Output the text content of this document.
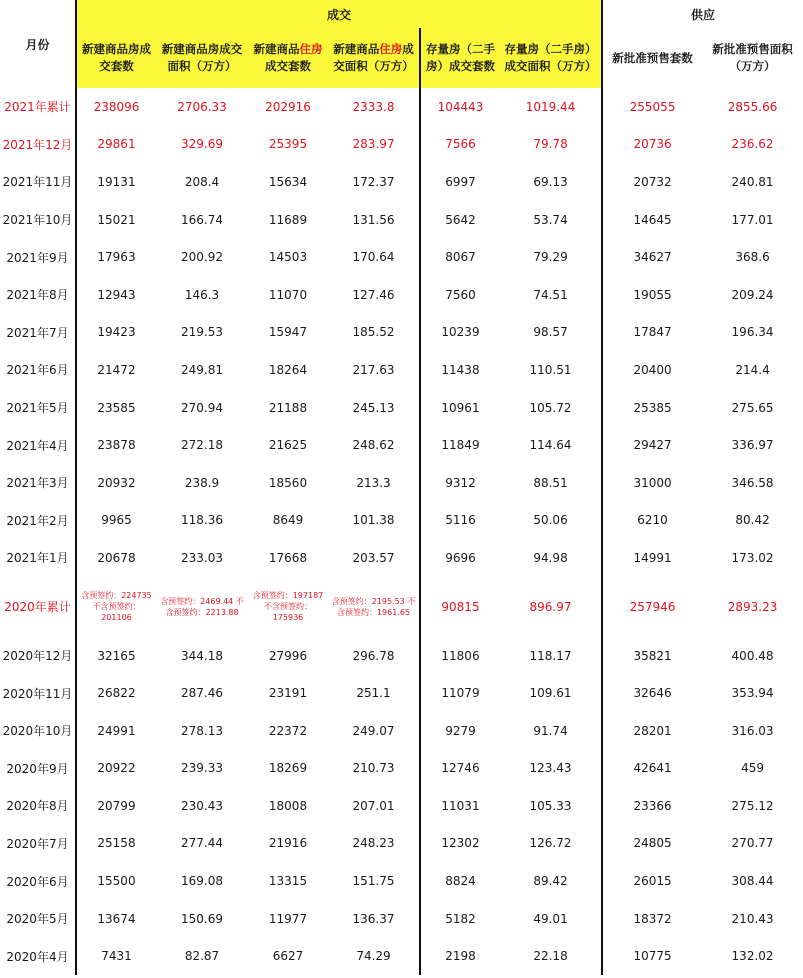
月份	成交						供应	
	新建商品房成交套数	新建商品房成交面积（万方）	新建商品住房成交套数	新建商品住房成交面积（万方）	存量房（二手房）成交套数	存量房（二手房）成交面积（万方）	新批准预售套数	新批准预售面积（万方）
2021年累计	238096	2706.33	202916	2333.8	104443	1019.44	255055	2855.66
2021年12月	29861	329.69	25395	283.97	7566	79.78	20736	236.62
2021年11月	19131	208.4	15634	172.37	6997	69.13	20732	240.81
2021年10月	15021	166.74	11689	131.56	5642	53.74	14645	177.01
2021年9月	17963	200.92	14503	170.64	8067	79.29	34627	368.6
2021年8月	12943	146.3	11070	127.46	7560	74.51	19055	209.24
2021年7月	19423	219.53	15947	185.52	10239	98.57	17847	196.34
2021年6月	21472	249.81	18264	217.63	11438	110.51	20400	214.4
2021年5月	23585	270.94	21188	245.13	10961	105.72	25385	275.65
2021年4月	23878	272.18	21625	248.62	11849	114.64	29427	336.97
2021年3月	20932	238.9	18560	213.3	9312	88.51	31000	346.58
2021年2月	9965	118.36	8649	101.38	5116	50.06	6210	80.42
2021年1月	20678	233.03	17668	203.57	9696	94.98	14991	173.02
2020年累计	含预签约：224735 不含预签约：201106	含预签约：2469.44 不含预签约：2213.88	含预签约：197187 不含预签约：175936	含预签约：2195.53 不含预签约：1961.65	90815	896.97	257946	2893.23
2020年12月	32165	344.18	27996	296.78	11806	118.17	35821	400.48
2020年11月	26822	287.46	23191	251.1	11079	109.61	32646	353.94
2020年10月	24991	278.13	22372	249.07	9279	91.74	28201	316.03
2020年9月	20922	239.33	18269	210.73	12746	123.43	42641	459
2020年8月	20799	230.43	18008	207.01	11031	105.33	23366	275.12
2020年7月	25158	277.44	21916	248.23	12302	126.72	24805	270.77
2020年6月	15500	169.08	13315	151.75	8824	89.42	26015	308.44
2020年5月	13674	150.69	11977	136.37	5182	49.01	18372	210.43
2020年4月	7431	82.87	6627	74.29	2198	22.18	10775	132.02
